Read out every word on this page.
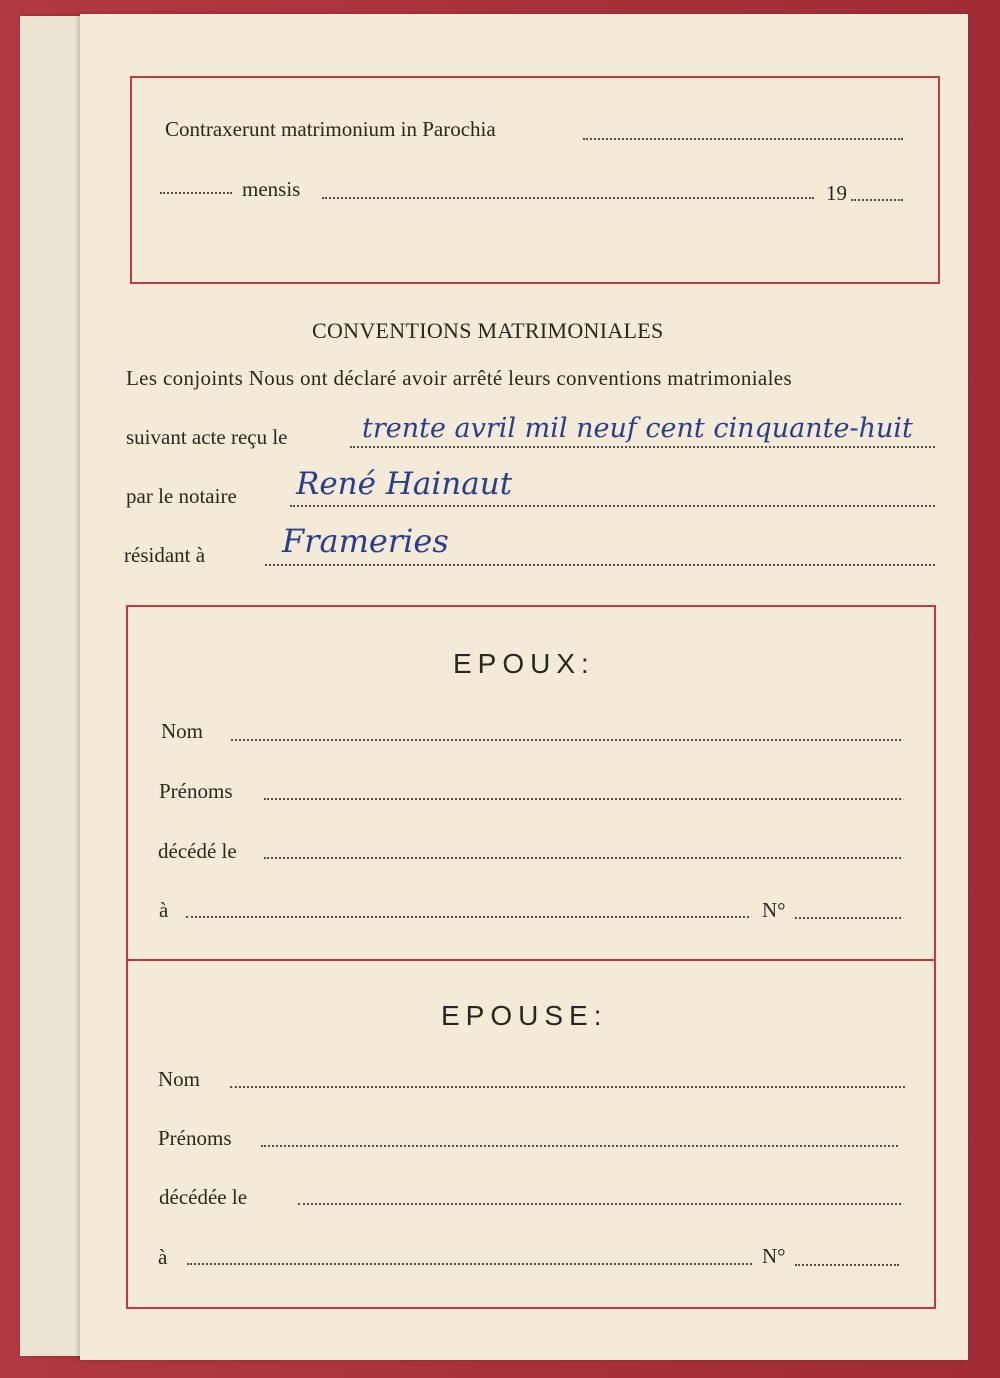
Contraxerunt matrimonium in Parochia
mensis	19
CONVENTIONS MATRIMONIALES
Les conjoints Nous ont déclaré avoir arrêté leurs conventions matrimoniales
suivant acte reçu le	trente avril mil neuf cent cinquante-huit
par le notaire René Hainaut
résidant à Frameries
EPOUX:
Nom
Prénoms
décédé le
à	N°
EPOUSE:
Nom
Prénoms
décédée le
à	N°
